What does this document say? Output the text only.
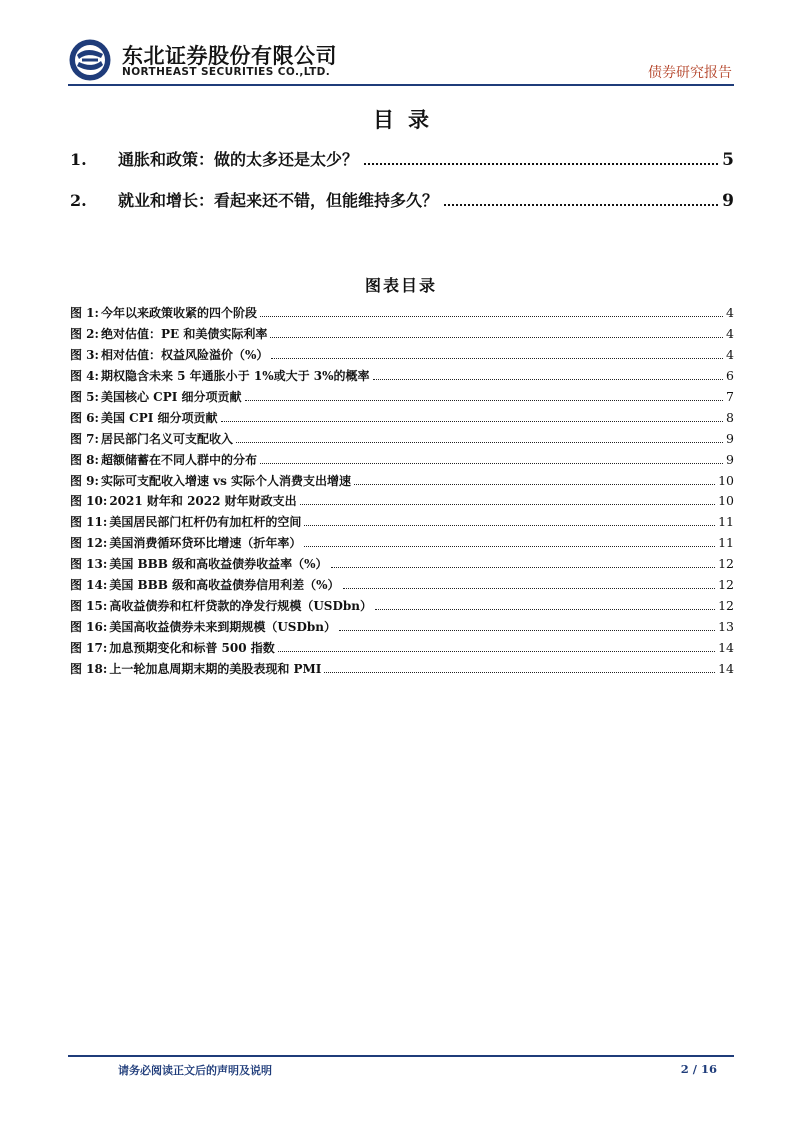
东北证券股份有限公司
NORTHEAST SECURITIES CO.,LTD.	债券研究报告
目录
1.	通胀和政策：做的太多还是太少？	5
2.	就业和增长：看起来还不错，但能维持多久？	9
图表目录
图 1: 今年以来政策收紧的四个阶段	4
图 2: 绝对估值：PE 和美债实际利率	4
图 3: 相对估值：权益风险溢价（%）	4
图 4: 期权隐含未来 5 年通胀小于 1%或大于 3%的概率	6
图 5: 美国核心 CPI 细分项贡献	7
图 6: 美国 CPI 细分项贡献	8
图 7: 居民部门名义可支配收入	9
图 8: 超额储蓄在不同人群中的分布	9
图 9: 实际可支配收入增速 vs 实际个人消费支出增速	10
图 10: 2021 财年和 2022 财年财政支出	10
图 11: 美国居民部门杠杆仍有加杠杆的空间	11
图 12: 美国消费循环贷环比增速（折年率）	11
图 13: 美国 BBB 级和高收益债券收益率（%）	12
图 14: 美国 BBB 级和高收益债券信用利差（%）	12
图 15: 高收益债券和杠杆贷款的净发行规模（USDbn）	12
图 16: 美国高收益债券未来到期规模（USDbn）	13
图 17: 加息预期变化和标普 500 指数	14
图 18: 上一轮加息周期末期的美股表现和 PMI	14
请务必阅读正文后的声明及说明	2 / 16
